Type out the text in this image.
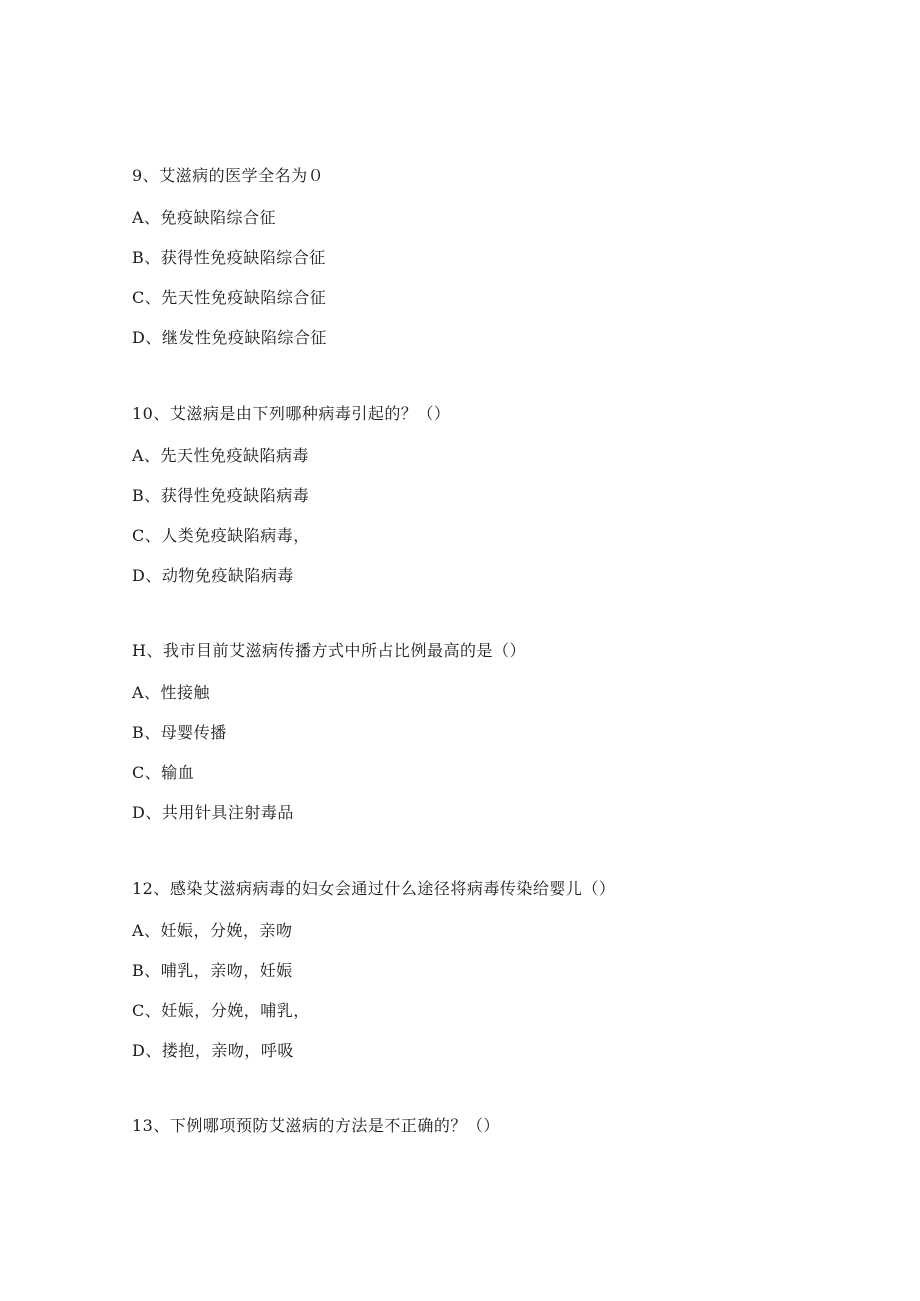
9、艾滋病的医学全名为０
A、免疫缺陷综合征
B、获得性免疫缺陷综合征
C、先天性免疫缺陷综合征
D、继发性免疫缺陷综合征
10、艾滋病是由下列哪种病毒引起的？（）
A、先天性免疫缺陷病毒
B、获得性免疫缺陷病毒
C、人类免疫缺陷病毒，
D、动物免疫缺陷病毒
H、我市目前艾滋病传播方式中所占比例最高的是（）
A、性接触
B、母婴传播
C、输血
D、共用针具注射毒品
12、感染艾滋病病毒的妇女会通过什么途径将病毒传染给婴儿（）
A、妊娠，分娩，亲吻
B、哺乳，亲吻，妊娠
C、妊娠，分娩，哺乳，
D、搂抱，亲吻，呼吸
13、下例哪项预防艾滋病的方法是不正确的？（）
